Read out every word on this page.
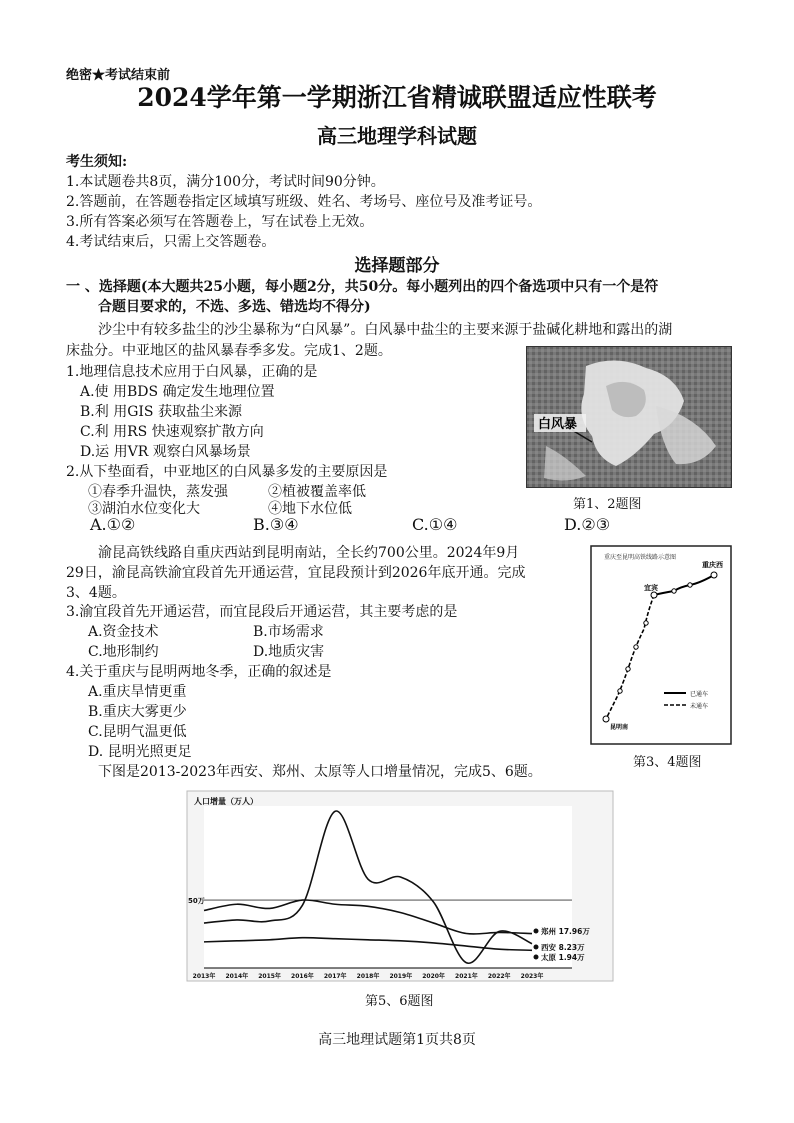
绝密★考试结束前
2024学年第一学期浙江省精诚联盟适应性联考
高三地理学科试题
考生须知:
1.本试题卷共8页，满分100分，考试时间90分钟。
2.答题前，在答题卷指定区域填写班级、姓名、考场号、座位号及准考证号。
3.所有答案必须写在答题卷上，写在试卷上无效。
4.考试结束后，只需上交答题卷。
选择题部分
一 、选择题(本大题共25小题，每小题2分，共50分。每小题列出的四个备选项中只有一个是符
合题目要求的，不选、多选、错选均不得分)
沙尘中有较多盐尘的沙尘暴称为“白风暴”。白风暴中盐尘的主要来源于盐碱化耕地和露出的湖
床盐分。中亚地区的盐风暴春季多发。完成1、2题。
1.地理信息技术应用于白风暴，正确的是
A.使 用BDS 确定发生地理位置
B.利 用GIS 获取盐尘来源
C.利 用RS 快速观察扩散方向
D.运 用VR 观察白风暴场景
2.从下垫面看，中亚地区的白风暴多发的主要原因是
①春季升温快，蒸发强	②植被覆盖率低
③湖泊水位变化大	④地下水位低
A.①②	B.③④	C.①④	D.②③
白风暴
第1、2题图
渝昆高铁线路自重庆西站到昆明南站，全长约700公里。2024年9月
29日，渝昆高铁渝宜段首先开通运营，宜昆段预计到2026年底开通。完成
3、4题。
3.渝宜段首先开通运营，而宜昆段后开通运营，其主要考虑的是
A.资金技术	B.市场需求
C.地形制约	D.地质灾害
4.关于重庆与昆明两地冬季，正确的叙述是
A.重庆旱情更重
B.重庆大雾更少
C.昆明气温更低
D. 昆明光照更足
重庆至昆明高铁线路示意图
重庆西
宜宾
昆明南
已通车
未通车
第3、4题图
下图是2013-2023年西安、郑州、太原等人口增量情况，完成5、6题。
人口增量（万人）
50万
2013年 2014年 2015年 2016年 2017年 2018年 2019年 2020年 2021年 2022年 2023年
郑州 17.96万
西安 8.23万
太原 1.94万
第5、6题图
高三地理试题第1页共8页
